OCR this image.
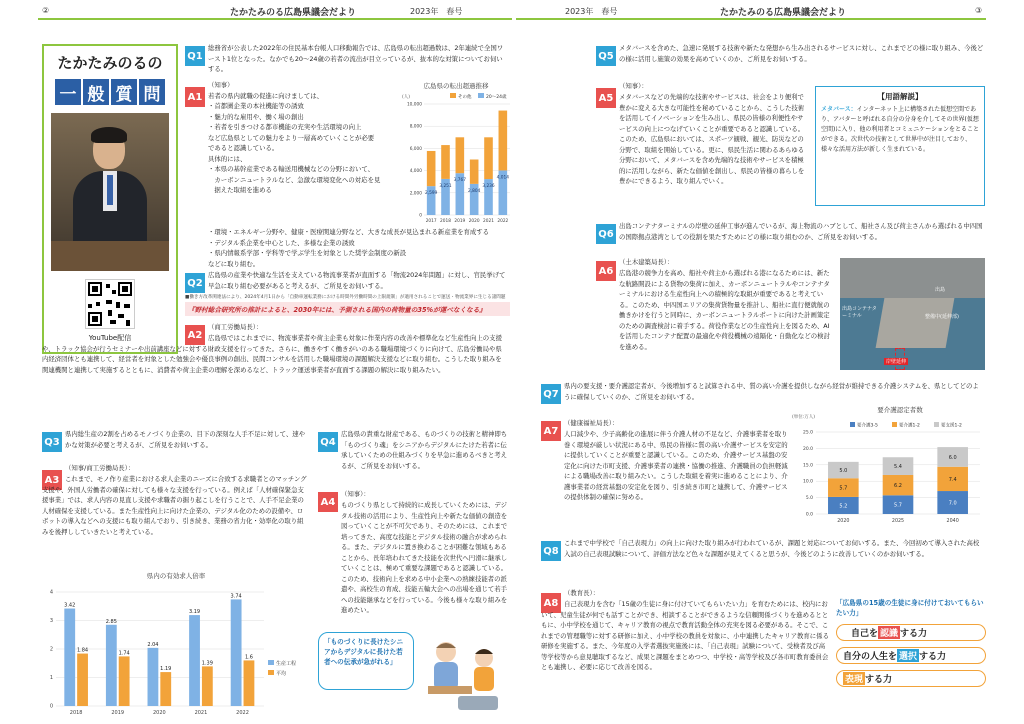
②	たかたみのる広島県議会だより	2023年　春号	2023年　春号	たかたみのる広島県議会だより	③
たかたみのるの
一 般 質 問
YouTube配信
Q1
総務省が公表した2022年の住民基本台帳人口移動報告では、広島県の転出超過数は、2年連続で全国ワースト1位となった。なかでも20〜24歳の若者の流出が目立っているが、抜本的な対策についてお伺いする。
A1
（知事）
若者の県内就職の促進に向けましては、
・首都圏企業の本社機能等の誘致
・魅力的な雇用や、働く場の創出
・若者を引きつける都市機能の充実や生活環境の向上
など広島県としての魅力をより一層高めていくことが必要
であると認識している。
具体的には、
・本県の基幹産業である輸送用機械などの分野において、
　カーボンニュートラルなど、急激な環境変化への対応を見
　据えた取組を進める
・環境・エネルギー分野や、健康・医療関連分野など、大きな成長が見込まれる新産業を育成する
・デジタル系企業を中心とした、多様な企業の誘致
・県内情報系学部・学科等で学ぶ学生を対象とした奨学金制度の新設
などに取り組む。
広島県の転出超過推移
(人)	その他	20〜24歳
0
2,000
4,000
6,000
8,000
10,000
2,599
2017
3,251
2018
3,767
2019
2,804
2020
3,236
2021
4,014
2022
Q2
広島県の産業や快適な生活を支えている物流事業者が直面する「物流2024年問題」に対し、官民挙げて早急に取り組む必要があると考えるが、ご所見をお伺いする。
■働き方改革関連法により、2024年4月1日から「自動車運転業務における時間外労働時間の上限規制」が適用されることで運送・物流業界に生じる諸問題
『野村総合研究所の推計によると、2030年には、予測される国内の荷物量の35%が運べなくなる』
A2
（商工労働局長）：
広島県ではこれまでに、物流事業者や荷主企業も対象に作業内容の改善や標準化など生産性向上の支援や、トラック協会が行うセミナーや出前講座などに対する財政支援を行ってきた。さらに、働きやすく働きがいのある職場環境づくりに向けて、広島労働局や県内経済団体とも連携して、経営者を対象とした勉強会や優良事例の創出、民間コンサルを活用した職場環境の課題解決支援などに取り組む。こうした取り組みを関連機関と連携して実施するとともに、消費者や荷主企業の理解を深めるなど、トラック運送事業者が直面する課題の解決に取り組みたい。
Q3
県内総生産の2割を占めるモノづくり企業の、目下の深刻な人手不足に対して、速やかな対策が必要と考えるが、ご所見をお伺いする。
A3
（知事/商工労働局長）：
これまで、モノ作り産業における求人企業のニーズに合致する求職者とのマッチング支援や、外国人労働者の確保に対しても様々な支援を行っている。例えば「人材確保緊急支援事業」では、求人内容の見直し支援や求職者の掘り起こしを行うことで、人手不足企業の人材確保を支援している。また生産性向上に向けた企業の、デジタル化のための設備や、ロボットの導入などへの支援にも取り組んでおり、引き続き、業務の省力化・効率化の取り組みを後押ししていきたいと考えている。
県内の有効求人倍率
0
1
2
3
4
3.42
1.84
2018
2.85
1.74
2019
2.04
1.19
2020
3.19
1.39
2021
3.74
1.6
2022
生産工程
平均
Q4
広島県の貴重な財産である、ものづくりの技術と精神即ち「ものづくり魂」をシニアからデジタルにたけた若者に伝承していくための仕組みづくりを早急に進めるべきと考えるが、ご所見をお伺いする。
A4
（知事）：
ものづくり県として持続的に成長していくためには、デジタル技術の活用により、生産性向上や新たな価値の創造を図っていくことが不可欠であり、そのためには、これまで培ってきた、高度な技能とデジタル技術の融合が求められる。また、デジタルに置き換わることが困難な領域もあることから、長年培われてきた技能を次世代へ円滑に継承していくことは、極めて重要な課題であると認識している。このため、技術向上を求める中小企業への熟練技能者の派遣や、高校生の育成、技能五輪大会への出場を通じて若手への技能継承などを行っている。今後も様々な取り組みを進めたい。
「ものづくりに長けたシニアからデジタルに長けた若者への伝承が急がれる」
Q5
メタバースを含めた、急速に発展する技術や新たな発想から生み出されるサービスに対し、これまでどの様に取り組み、今後どの様に活用し施策の効果を高めていくのか、ご所見をお伺いする。
A5
（知事）：
メタバースなどの先端的な技術やサービスは、社会をより便利で豊かに変える大きな可能性を秘めていることから、こうした技術を活用してイノベーションを生み出し、県民の皆様の利便性やサービスの向上につなげていくことが重要であると認識している。このため、広島県においては、スポーツ観戦、観光、防災などの分野で、取組を開始している。更に、県民生活に関わるあらゆる分野において、メタバースを含め先端的な技術やサービスを積極的に活用しながら、新たな価値を創出し、県民の皆様の暮らしを豊かにできるよう、取り組んでいく。
【用語解説】
メタバース：インターネット上に構築された仮想空間であり、アバターと呼ばれる自分の分身を介してその世界(仮想空間)に入り、他の利用者とコミュニケーションをとることができる。次世代の技術として世界中が注目しており、様々な活用方法が新しく生まれている。
Q6
出島コンテナターミナルの岸壁の延伸工事が進んでいるが、海上物流のハブとして、船社さん及び荷主さんから選ばれる中四国の国際拠点港湾としての役割を果たすためにどの様に取り組むのか、ご所見をお伺いする。
A6
（土木建築局長）：
広島港の競争力を高め、船社や荷主から選ばれる港になるためには、新たな航路開設による貨物の集荷に加え、カーボンニュートラルやコンテナターミナルにおける生産性向上への積極的な取組が重要であると考えている。このため、中四国エリアの集荷貨物量を推計し、船社に直行便就航の働きかけを行うと同時に、カーボンニュートラルポートに向けた計画策定のための調査検討に着手する。荷役作業などの生産性向上を図るため、AIを活用したコンテナ配置の最適化や荷役機械の遠隔化・自動化などの検討を進める。
出島コンテナターミナル	整備中(延伸部)
出島
岸壁延伸
Q7
県内の要支援・要介護認定者が、今後増加すると試算される中、質の高い介護を提供しながら経営が維持できる介護システムを、県としてどのように確保していくのか、ご所見をお伺いする。
A7
（健康福祉局長）：
人口減少や、少子高齢化の進展に伴う介護人材の不足など、介護事業者を取り巻く環境が厳しい状況にある中、県民の皆様に質の高い介護サービスを安定的に提供していくことが重要と認識している。このため、介護サービス基盤の安定化に向けた市町支援、介護事業者の連携・協働の推進、介護職員の負担軽減による職場改善に取り組みたい。こうした取組を着実に進めることにより、介護事業者の経営基盤の安定化を図り、引き続き市町と連携して、介護サービスの提供体制の確保に努める。
要介護認定者数
(単位:万人)
要介護3-5	要介護1-2	要支援1-2
0.0
5.0
10.0
15.0
20.0
25.0
5.2
5.7
5.0
2020
5.7
6.2
5.4
2025
7.0
7.4
6.0
2040
Q8
これまで中学校で「自己表現力」の向上に向けた取り組みが行われているが、課題と対応についてお伺いする。また、今回初めて導入された高校入試の自己表現試験について、評価方法など色々な課題が見えてくると思うが、今後どのように改善していくのかお伺いする。
A8
（教育長）：
自己表現力を含む「15歳の生徒に身に付けていてもらいたい力」を育むためには、校内において、児童生徒が何でも話すことができ、相談することができるような信頼関係づくりを進めるとともに、小中学校を通じて、キャリア教育の視点で教育活動全体の充実を図る必要がある。そこで、これまでの管理職等に対する研修に加え、小中学校の教員を対象に、小中連携したキャリア教育に係る研修を実施する。また、今年度の入学者選抜実施後には、「自己表現」試験について、受検者及び高等学校等から意見聴取するなど、成果と課題をまとめつつ、中学校・高等学校及び各市町教育委員会とも連携し、必要に応じて改善を図る。
「広島県の15歳の生徒に身に付けておいてもらいたい力」
自己を 認識 する力
自分の人生を 選択 する力
表現 する力
